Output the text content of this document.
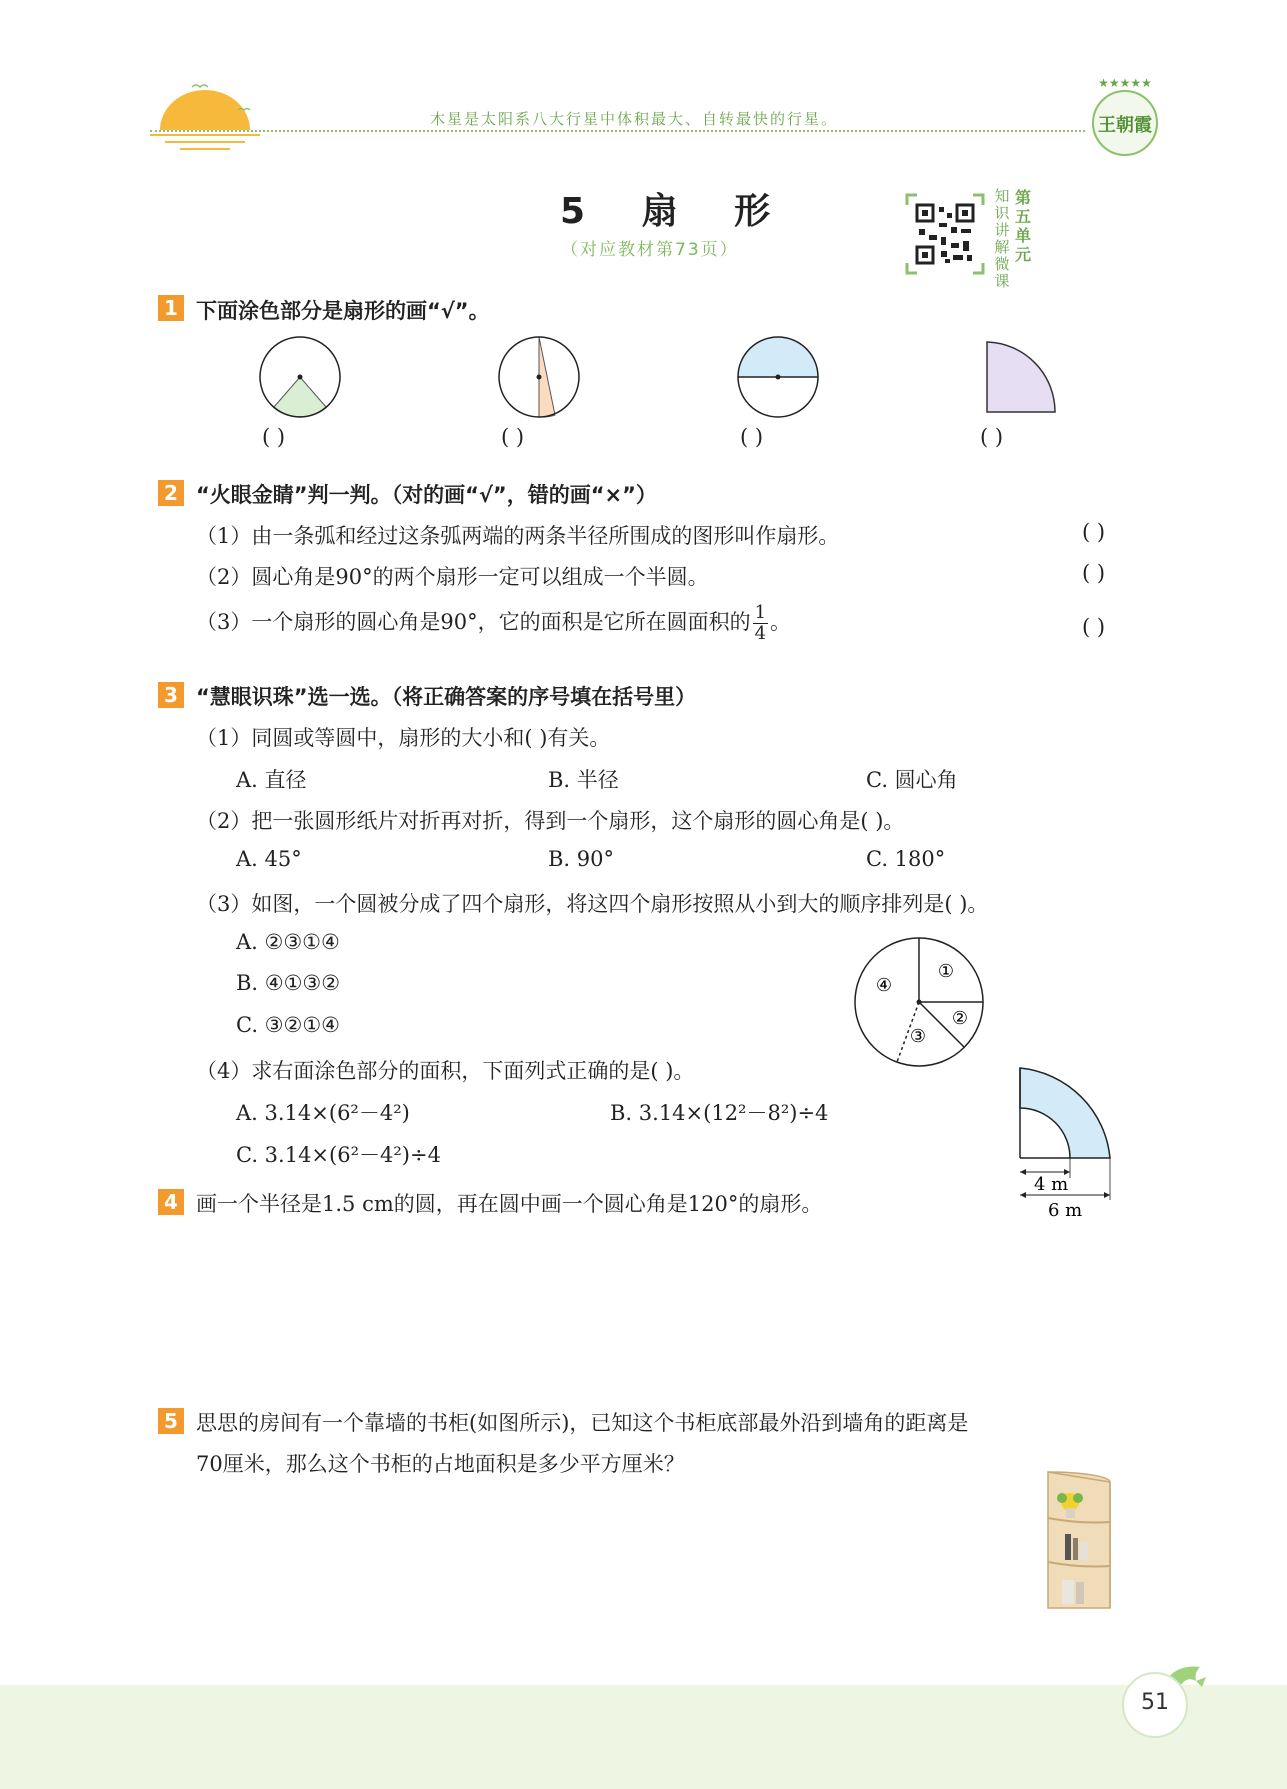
木星是太阳系八大行星中体积最大、自转最快的行星。
★★★★★
王朝霞
5 扇 形
（对应教材第73页）
知识讲解微课
第五单元
1 下面涂色部分是扇形的画“√”。
( )	( )	( )	( )
2 “火眼金睛”判一判。（对的画“√”，错的画“×”）
（1）由一条弧和经过这条弧两端的两条半径所围成的图形叫作扇形。	( )
（2）圆心角是90°的两个扇形一定可以组成一个半圆。	( )
（3）一个扇形的圆心角是90°，它的面积是它所在圆面积的 $\frac{1}{4}$ 。	( )
3 “慧眼识珠”选一选。（将正确答案的序号填在括号里）
（1）同圆或等圆中，扇形的大小和( )有关。
A. 直径	B. 半径	C. 圆心角
（2）把一张圆形纸片对折再对折，得到一个扇形，这个扇形的圆心角是( )。
A. 45°	B. 90°	C. 180°
（3）如图，一个圆被分成了四个扇形，将这四个扇形按照从小到大的顺序排列是( )。
A. ②③①④
B. ④①③②
C. ③②①④
①
②
③
④
（4）求右面涂色部分的面积，下面列式正确的是( )。
A. 3.14×(6²－4²)	B. 3.14×(12²－8²)÷4
C. 3.14×(6²－4²)÷4
4 m
6 m
4 画一个半径是1.5 cm的圆，再在圆中画一个圆心角是120°的扇形。
5 思思的房间有一个靠墙的书柜(如图所示)，已知这个书柜底部最外沿到墙角的距离是
70厘米，那么这个书柜的占地面积是多少平方厘米？
51
